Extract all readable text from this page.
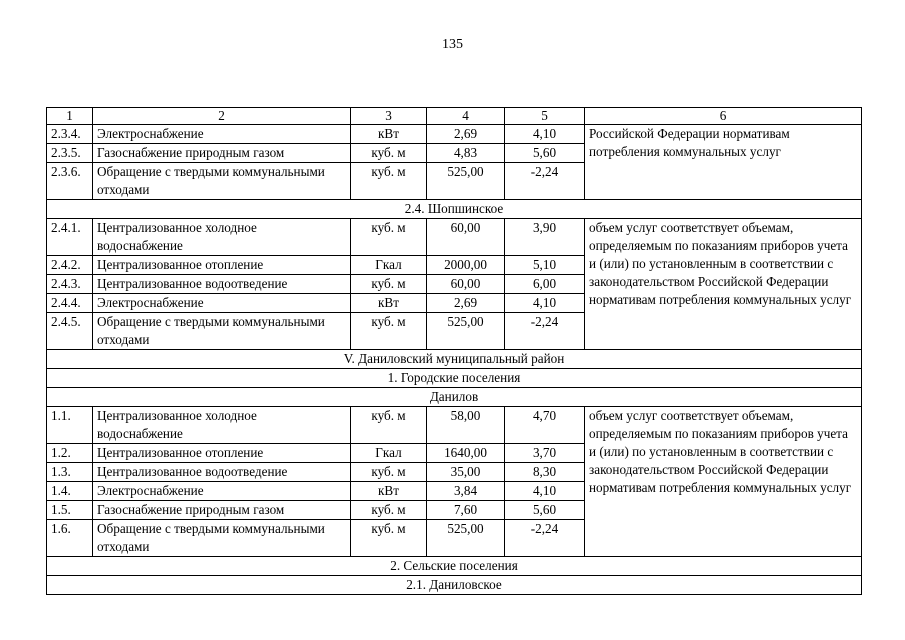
135
1	2	3	4	5	6
2.3.4.	Электроснабжение	кВт	2,69	4,10	Российской Федерации нормативам потребления коммунальных услуг
2.3.5.	Газоснабжение природным газом	куб. м	4,83	5,60	
2.3.6.	Обращение с твердыми коммунальными отходами	куб. м	525,00	-2,24	
2.4. Шопшинское					
2.4.1.	Централизованное холодное водоснабжение	куб. м	60,00	3,90	объем услуг соответствует объемам, определяемым по показаниям приборов учета и (или) по установленным в соответствии с законодательством Российской Федерации нормативам потребления коммунальных услуг
2.4.2.	Централизованное отопление	Гкал	2000,00	5,10	
2.4.3.	Централизованное водоотведение	куб. м	60,00	6,00	
2.4.4.	Электроснабжение	кВт	2,69	4,10	
2.4.5.	Обращение с твердыми коммунальными отходами	куб. м	525,00	-2,24	
V. Даниловский муниципальный район					
1. Городские поселения					
Данилов					
1.1.	Централизованное холодное водоснабжение	куб. м	58,00	4,70	объем услуг соответствует объемам, определяемым по показаниям приборов учета и (или) по установленным в соответствии с законодательством Российской Федерации нормативам потребления коммунальных услуг
1.2.	Централизованное отопление	Гкал	1640,00	3,70	
1.3.	Централизованное водоотведение	куб. м	35,00	8,30	
1.4.	Электроснабжение	кВт	3,84	4,10	
1.5.	Газоснабжение природным газом	куб. м	7,60	5,60	
1.6.	Обращение с твердыми коммунальными отходами	куб. м	525,00	-2,24	
2. Сельские поселения					
2.1. Даниловское					
